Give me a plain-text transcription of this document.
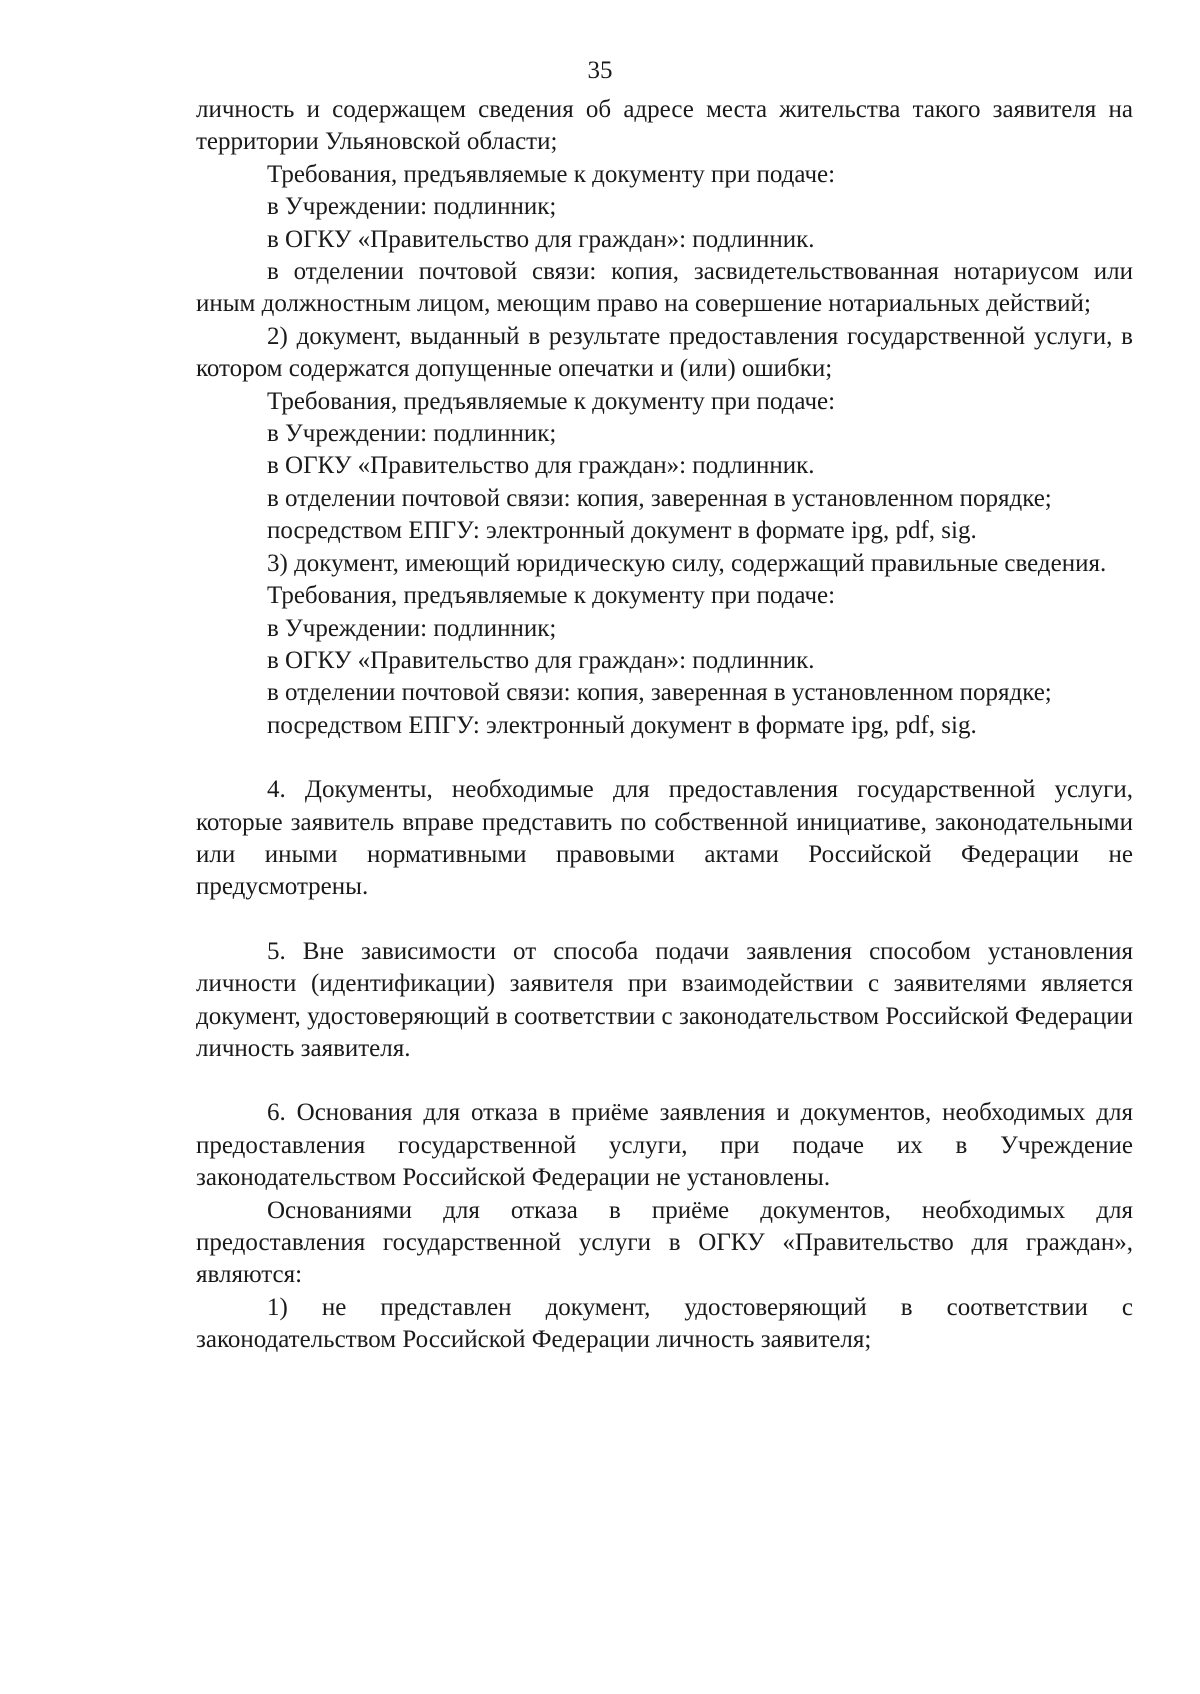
35

личность и содержащем сведения об адресе места жительства такого заявителя на территории Ульяновской области;

Требования, предъявляемые к документу при подаче:

в Учреждении: подлинник;

в ОГКУ «Правительство для граждан»: подлинник.

в отделении почтовой связи: копия, засвидетельствованная нотариусом или иным должностным лицом, меющим право на совершение нотариальных действий;

2) документ, выданный в результате предоставления государственной услуги, в котором содержатся допущенные опечатки и (или) ошибки;

Требования, предъявляемые к документу при подаче:

в Учреждении: подлинник;

в ОГКУ «Правительство для граждан»: подлинник.

в отделении почтовой связи: копия, заверенная в установленном порядке;

посредством ЕПГУ: электронный документ в формате ipg, pdf, sig.

3) документ, имеющий юридическую силу, содержащий правильные сведения.

Требования, предъявляемые к документу при подаче:

в Учреждении: подлинник;

в ОГКУ «Правительство для граждан»: подлинник.

в отделении почтовой связи: копия, заверенная в установленном порядке;

посредством ЕПГУ: электронный документ в формате ipg, pdf, sig.

4. Документы, необходимые для предоставления государственной услуги, которые заявитель вправе представить по собственной инициативе, законодательными или иными нормативными правовыми актами Российской Федерации не предусмотрены.

5. Вне зависимости от способа подачи заявления способом установления личности (идентификации) заявителя при взаимодействии с заявителями является документ, удостоверяющий в соответствии с законодательством Российской Федерации личность заявителя.

6. Основания для отказа в приёме заявления и документов, необходимых для предоставления государственной услуги, при подаче их в Учреждение законодательством Российской Федерации не установлены.

Основаниями для отказа в приёме документов, необходимых для предоставления государственной услуги в ОГКУ «Правительство для граждан», являются:

1) не представлен документ, удостоверяющий в соответствии с законодательством Российской Федерации личность заявителя;
